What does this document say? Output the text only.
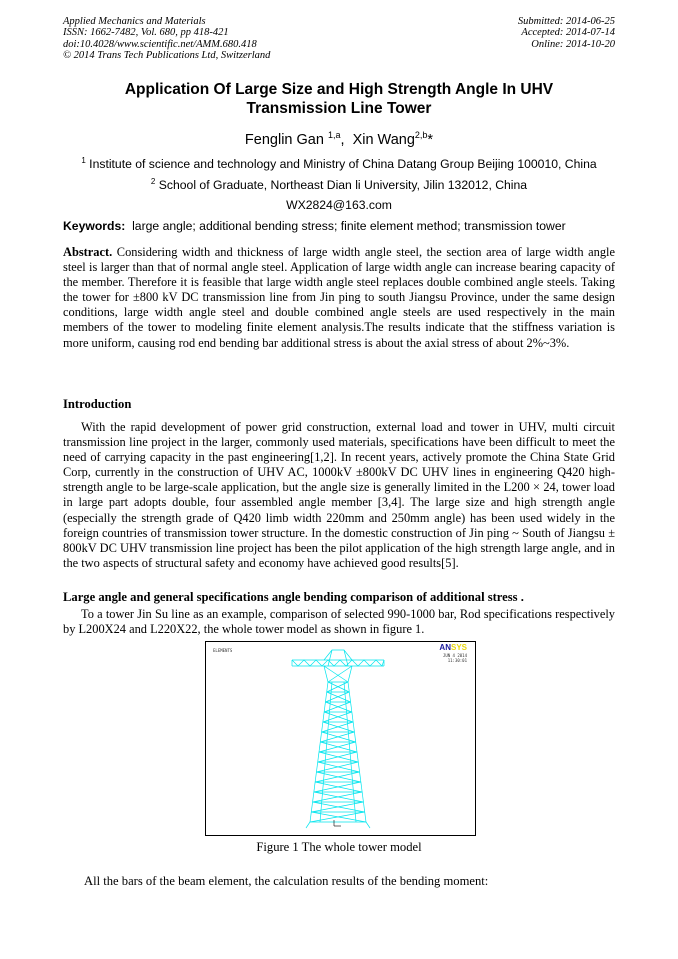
Applied Mechanics and Materials
ISSN: 1662-7482, Vol. 680, pp 418-421
doi:10.4028/www.scientific.net/AMM.680.418
© 2014 Trans Tech Publications Ltd, Switzerland
Submitted: 2014-06-25
Accepted: 2014-07-14
Online: 2014-10-20
Application Of Large Size and High Strength Angle In UHV
Transmission Line Tower
Fenglin Gan $^{1,a}$,  Xin Wang$^{2,b}$*
$^1$ Institute of science and technology and Ministry of China Datang Group Beijing 100010, China
$^2$ School of Graduate, Northeast Dian li University, Jilin 132012, China
WX2824@163.com
Keywords:  large angle; additional bending stress; finite element method; transmission tower
Abstract. Considering width and thickness of large width angle steel, the section area of large width angle steel is larger than that of normal angle steel. Application of large width angle can increase bearing capacity of the member. Therefore it is feasible that large width angle steel replaces double combined angle steels. Taking the tower for ±800 kV DC transmission line from Jin ping to south Jiangsu Province, under the same design conditions, large width angle steel and double combined angle steels are used respectively in the main members of the tower to modeling finite element analysis.The results indicate that the stiffness variation is more uniform, causing rod end bending bar additional stress is about the axial stress of about 2%~3%.
Introduction
With the rapid development of power grid construction, external load and tower in UHV, multi circuit transmission line project in the larger, commonly used materials, specifications have been difficult to meet the need of carrying capacity in the past engineering[1,2]. In recent years, actively promote the China State Grid Corp, currently in the construction of UHV AC, 1000kV ±800kV DC UHV lines in engineering Q420 high-strength angle to be large-scale application, but the angle size is generally limited in the L200 × 24, tower load in large part adopts double, four assembled angle member [3,4]. The large size and high strength angle (especially the strength grade of Q420 limb width 220mm and 250mm angle) has been used widely in the foreign countries of transmission tower structure. In the domestic construction of Jin ping ~ South of Jiangsu ± 800kV DC UHV transmission line project has been the pilot application of the high strength large angle, and in the two aspects of structural safety and economy have achieved good results[5].
Large angle and general specifications angle bending comparison of additional stress .
To a tower Jin Su line as an example, comparison of selected 990-1000 bar, Rod specifications respectively by L200X24 and L220X22, the whole tower model as shown in figure 1.
ELEMENTS	ANSYS
JUN 4 2014
11:30:01
Figure 1 The whole tower model
All the bars of the beam element, the calculation results of the bending moment:
